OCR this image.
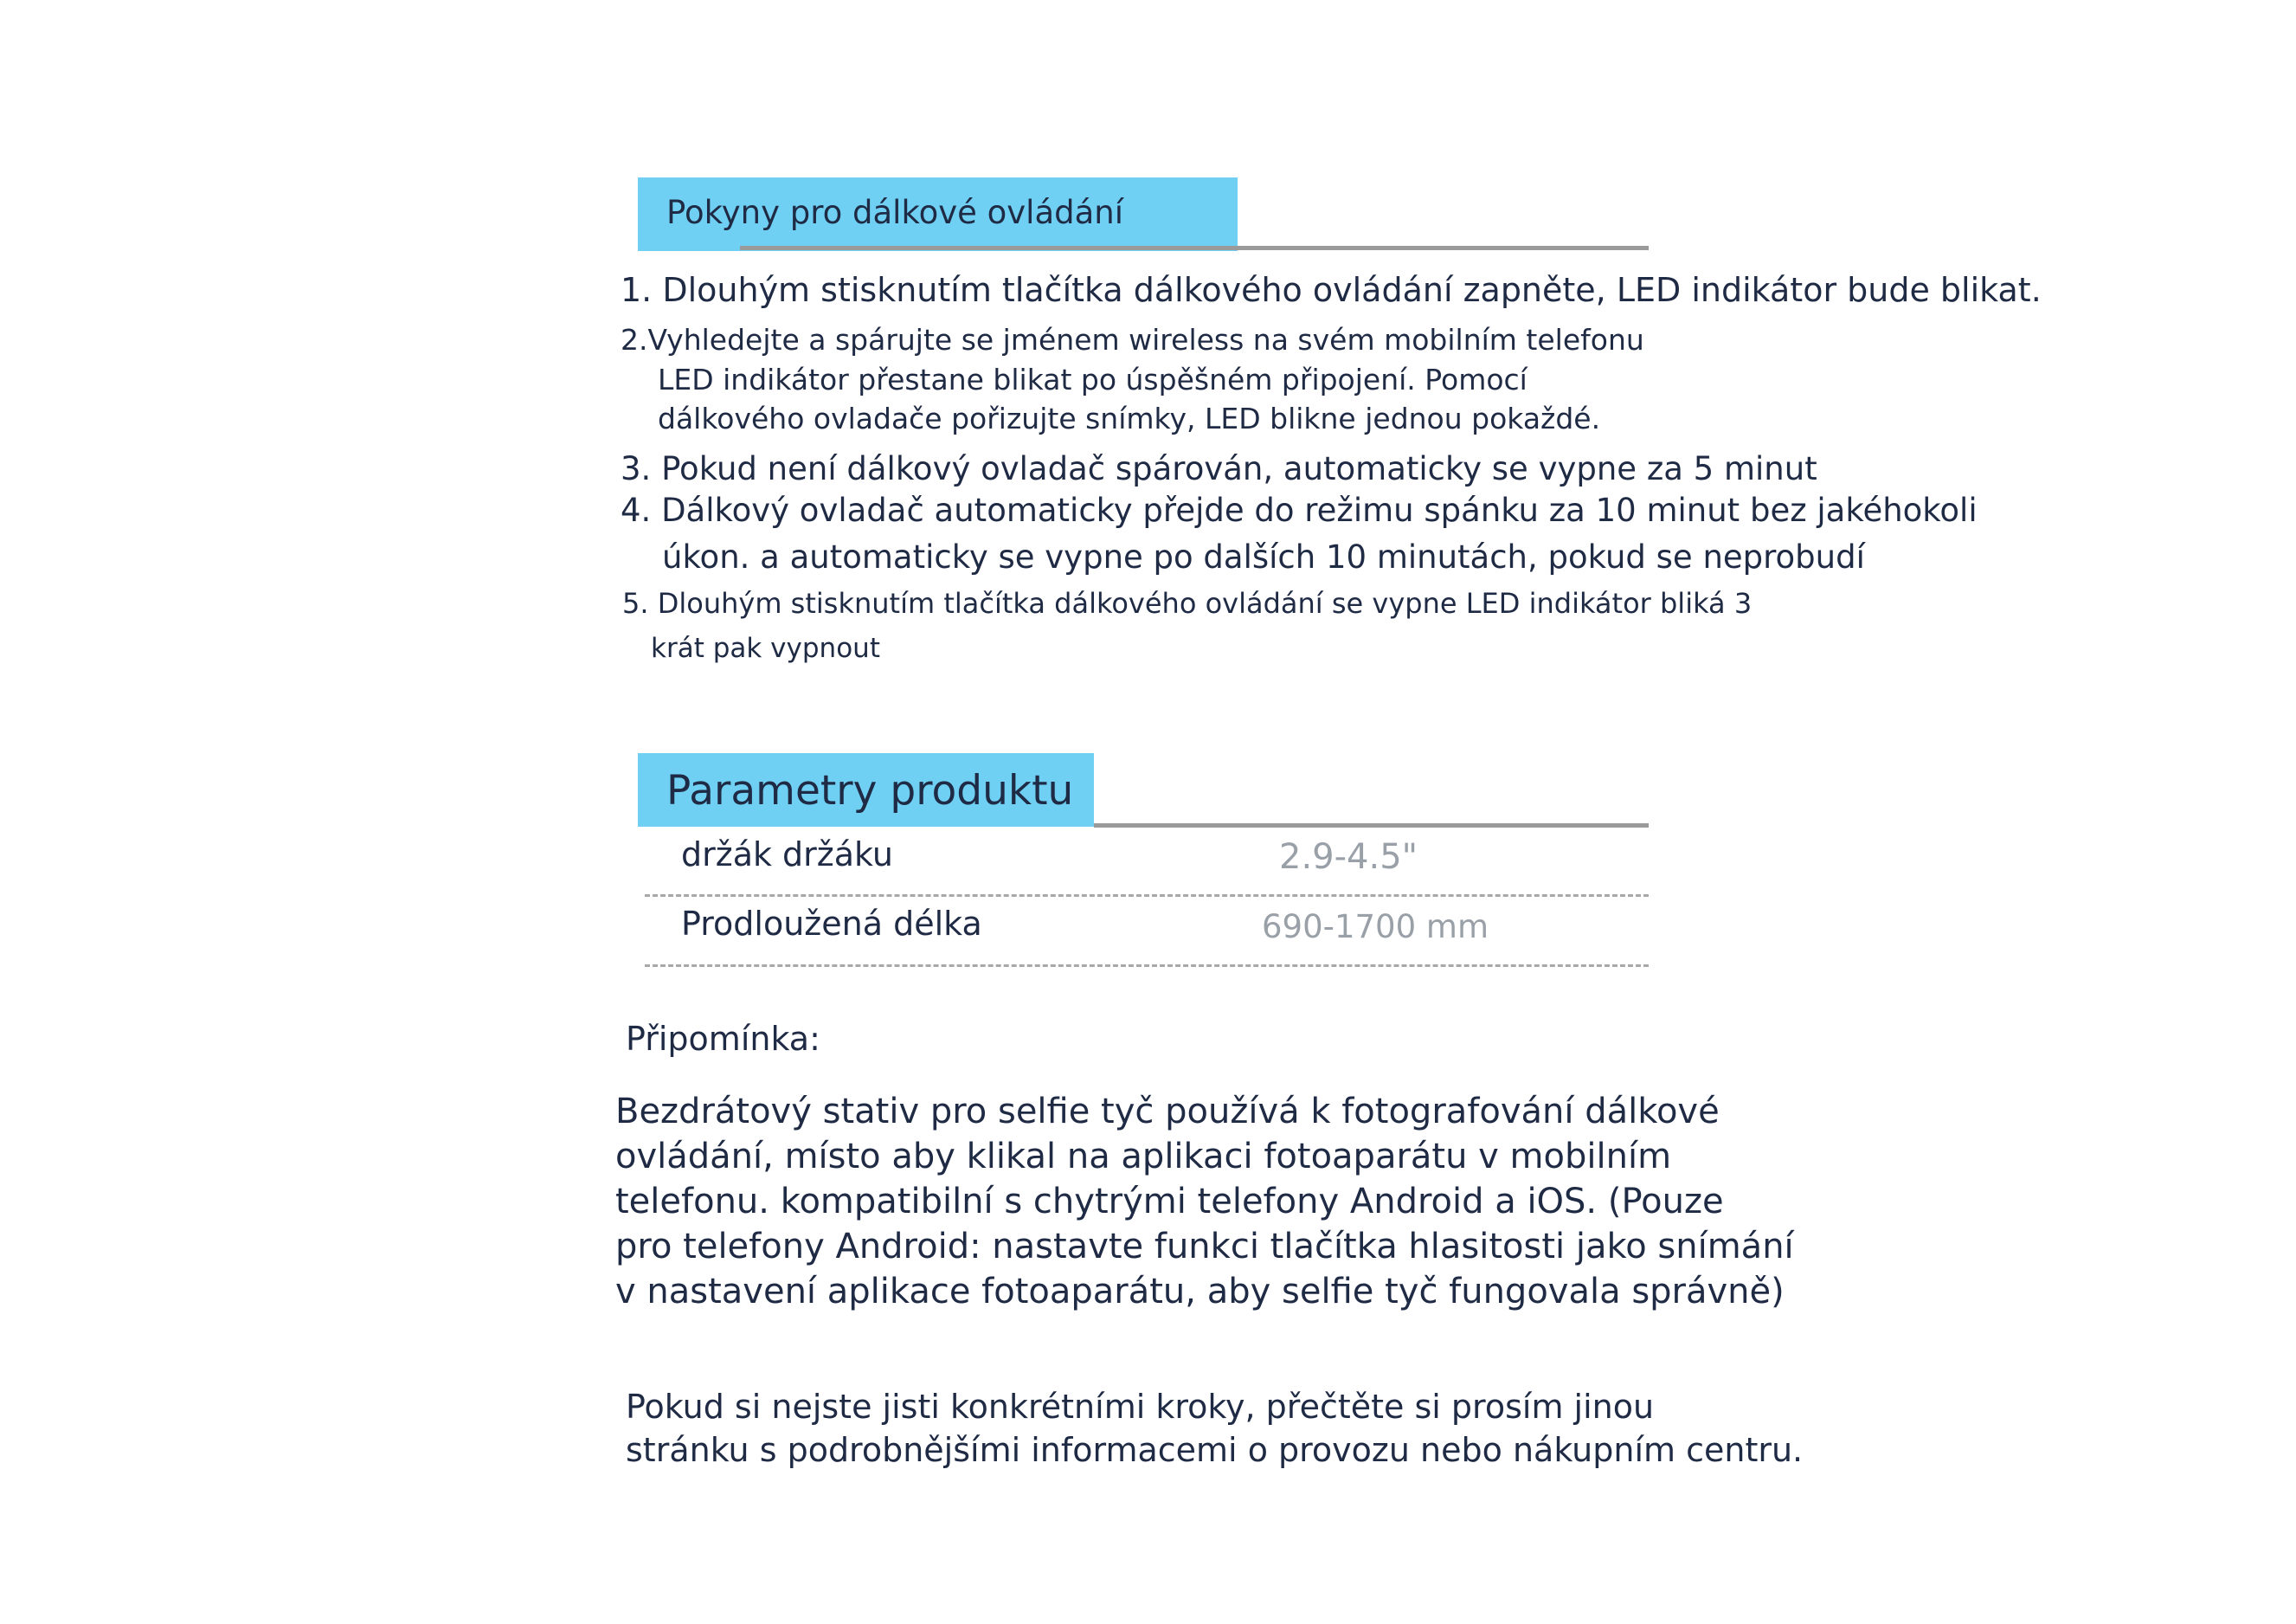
Pokyny pro dálkové ovládání
1. Dlouhým stisknutím tlačítka dálkového ovládání zapněte, LED indikátor bude blikat.
2.Vyhledejte a spárujte se jménem wireless na svém mobilním telefonu
LED indikátor přestane blikat po úspěšném připojení. Pomocí
dálkového ovladače pořizujte snímky, LED blikne jednou pokaždé.
3. Pokud není dálkový ovladač spárován, automaticky se vypne za 5 minut
4. Dálkový ovladač automaticky přejde do režimu spánku za 10 minut bez jakéhokoli
úkon. a automaticky se vypne po dalších 10 minutách, pokud se neprobudí
5. Dlouhým stisknutím tlačítka dálkového ovládání se vypne LED indikátor bliká 3
krát pak vypnout
Parametry produktu
držák držáku	2.9-4.5"
Prodloužená délka	690-1700 mm
Připomínka:
Bezdrátový stativ pro selfie tyč používá k fotografování dálkové
ovládání, místo aby klikal na aplikaci fotoaparátu v mobilním
telefonu. kompatibilní s chytrými telefony Android a iOS. (Pouze
pro telefony Android: nastavte funkci tlačítka hlasitosti jako snímání
v nastavení aplikace fotoaparátu, aby selfie tyč fungovala správně)
Pokud si nejste jisti konkrétními kroky, přečtěte si prosím jinou
stránku s podrobnějšími informacemi o provozu nebo nákupním centru.
